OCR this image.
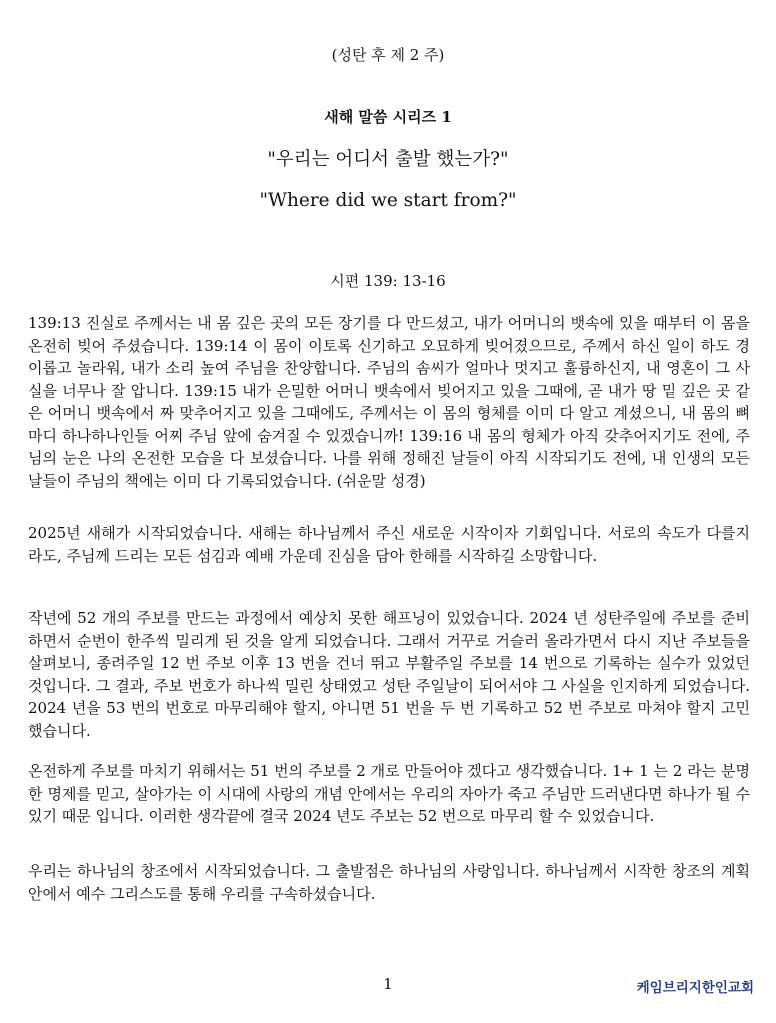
(성탄 후 제 2 주)
새해 말씀 시리즈 1
"우리는 어디서 출발 했는가?"
"Where did we start from?"
시편 139: 13-16

139:13 진실로 주께서는 내 몸 깊은 곳의 모든 장기를 다 만드셨고, 내가 어머니의 뱃속에 있을 때부터 이 몸을 온전히 빚어 주셨습니다. 139:14 이 몸이 이토록 신기하고 오묘하게 빚어졌으므로, 주께서 하신 일이 하도 경이롭고 놀라워, 내가 소리 높여 주님을 찬양합니다. 주님의 솜씨가 얼마나 멋지고 훌륭하신지, 내 영혼이 그 사실을 너무나 잘 압니다. 139:15 내가 은밀한 어머니 뱃속에서 빚어지고 있을 그때에, 곧 내가 땅 밑 깊은 곳 같은 어머니 뱃속에서 짜 맞추어지고 있을 그때에도, 주께서는 이 몸의 형체를 이미 다 알고 계셨으니, 내 몸의 뼈마디 하나하나인들 어찌 주님 앞에 숨겨질 수 있겠습니까! 139:16 내 몸의 형체가 아직 갖추어지기도 전에, 주님의 눈은 나의 온전한 모습을 다 보셨습니다. 나를 위해 정해진 날들이 아직 시작되기도 전에, 내 인생의 모든 날들이 주님의 책에는 이미 다 기록되었습니다. (쉬운말 성경)

2025년 새해가 시작되었습니다. 새해는 하나님께서 주신 새로운 시작이자 기회입니다. 서로의 속도가 다를지라도, 주님께 드리는 모든 섬김과 예배 가운데 진심을 담아 한해를 시작하길 소망합니다.

작년에 52 개의 주보를 만드는 과정에서 예상치 못한 해프닝이 있었습니다. 2024 년 성탄주일에 주보를 준비하면서 순번이 한주씩 밀리게 된 것을 알게 되었습니다. 그래서 거꾸로 거슬러 올라가면서 다시 지난 주보들을 살펴보니, 종려주일 12 번 주보 이후 13 번을 건너 뛰고 부활주일 주보를 14 번으로 기록하는 실수가 있었던 것입니다. 그 결과, 주보 번호가 하나씩 밀린 상태였고 성탄 주일날이 되어서야 그 사실을 인지하게 되었습니다. 2024 년을 53 번의 번호로 마무리해야 할지, 아니면 51 번을 두 번 기록하고 52 번 주보로 마쳐야 할지 고민했습니다.

온전하게 주보를 마치기 위해서는 51 번의 주보를 2 개로 만들어야 겠다고 생각했습니다. 1+ 1 는 2 라는 분명한 명제를 믿고, 살아가는 이 시대에 사랑의 개념 안에서는 우리의 자아가 죽고 주님만 드러낸다면 하나가 될 수 있기 때문 입니다. 이러한 생각끝에 결국 2024 년도 주보는 52 번으로 마무리 할 수 있었습니다.

우리는 하나님의 창조에서 시작되었습니다. 그 출발점은 하나님의 사랑입니다. 하나님께서 시작한 창조의 계획 안에서 예수 그리스도를 통해 우리를 구속하셨습니다.

1	케임브리지한인교회
